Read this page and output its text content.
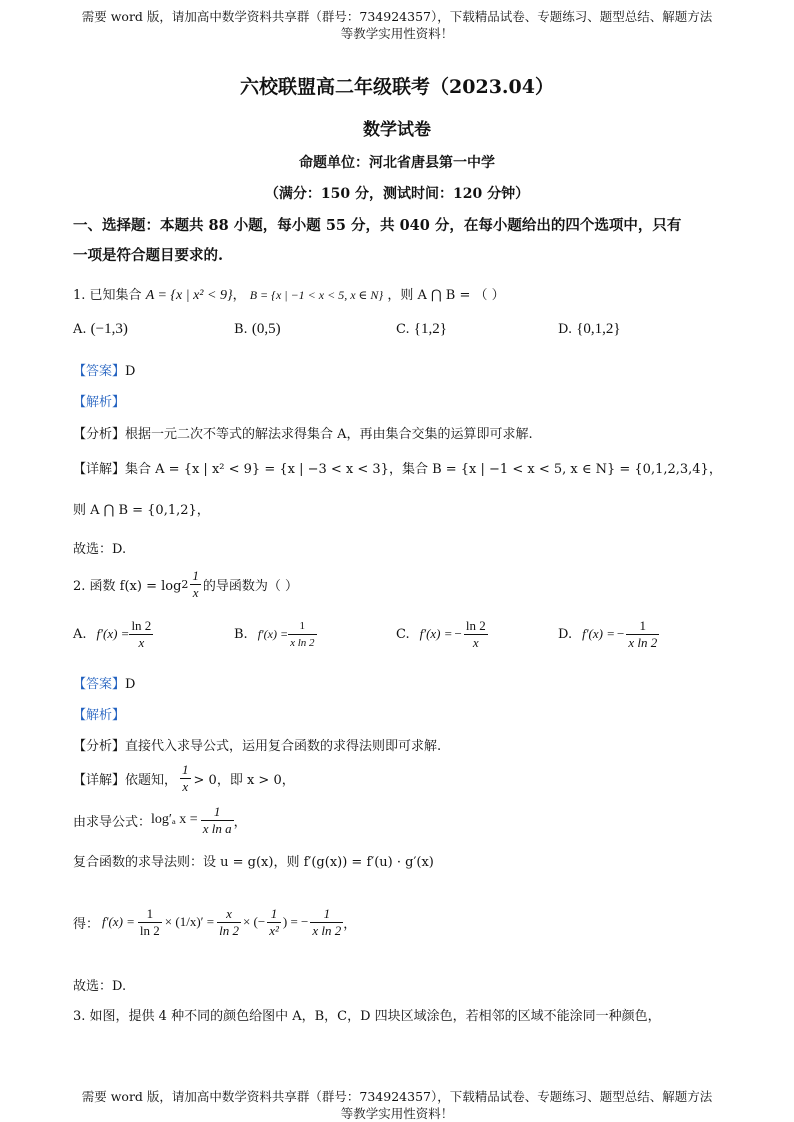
需要 word 版，请加高中数学资料共享群（群号：734924357），下载精品试卷、专题练习、题型总结、解题方法
等教学实用性资料！
六校联盟高二年级联考（2023.04）
数学试卷
命题单位：河北省唐县第一中学
（满分：150 分，测试时间：120 分钟）
一、选择题：本题共 88 小题，每小题 55 分，共 040 分，在每小题给出的四个选项中，只有
一项是符合题目要求的.
1. 已知集合 A = {x | x² < 9}， B = {x | −1 < x < 5, x ∈ N} ，则 A ⋂ B = （ ）
A. (−1,3)	B. (0,5)	C. {1,2}	D. {0,1,2}
【答案】D
【解析】
【分析】根据一元二次不等式的解法求得集合 A，再由集合交集的运算即可求解.
【详解】集合 A = {x | x² < 9} = {x | −3 < x < 3}，集合 B = {x | −1 < x < 5, x ∈ N} = {0,1,2,3,4}，
则 A ⋂ B = {0,1,2}，
故选：D.
2. 函数 $f(x) = \log 2 \frac{1}{x}$ 的导函数为（ ）
A. $f'(x) = \frac{\ln 2}{x}$	B. $f'(x) = \frac{1}{\text{x ln 2}}$	C. f′(x) = − $\frac{\ln 2}{x}$	D. f′(x) = − $\frac{1}{\text{x ln 2}}$
【答案】D
【解析】
【分析】直接代入求导公式，运用复合函数的求得法则即可求解.
【详解】 依题知， $\frac{1}{x} > 0$，即 x > 0，
由求导公式： log′ₐ $x = \frac{1}{\text{x ln a}}$ ，
复合函数的求导法则：设 u = g(x)，则 f′(g(x)) = f′(u) · g′(x)
得： $f'(x) = \frac{1}{\ln 2} \times (1/x)' = \frac{x}{\ln 2}$ × (− $\frac{1}{\text{x²}}$ ) = − $\frac{1}{\text{x ln 2}}$ ，
故选：D.
3. 如图，提供 4 种不同的颜色给图中 A，B，C，D 四块区域涂色，若相邻的区域不能涂同一种颜色，
需要 word 版，请加高中数学资料共享群（群号：734924357），下载精品试卷、专题练习、题型总结、解题方法
等教学实用性资料！
